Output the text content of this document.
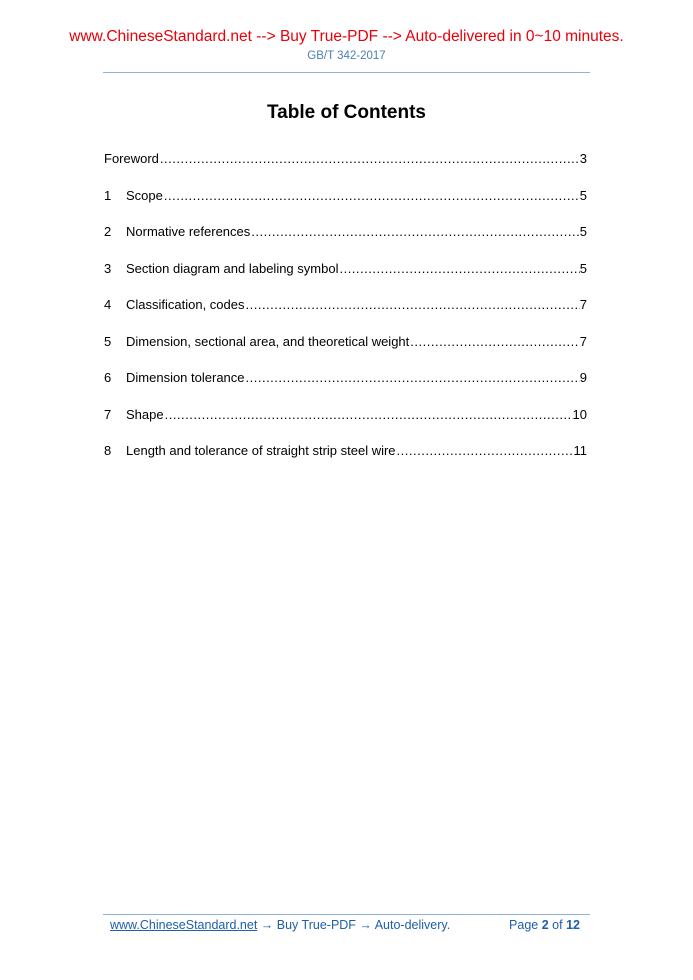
www.ChineseStandard.net --> Buy True-PDF --> Auto-delivered in 0~10 minutes.
GB/T 342-2017
Table of Contents
Foreword .....	3
1	Scope .....	5
2	Normative references .....	5
3	Section diagram and labeling symbol .....	5
4	Classification, codes .....	7
5	Dimension, sectional area, and theoretical weight .....	7
6	Dimension tolerance .....	9
7	Shape .....	10
8	Length and tolerance of straight strip steel wire .....	11
www.ChineseStandard.net → Buy True-PDF → Auto-delivery.	Page 2 of 12
